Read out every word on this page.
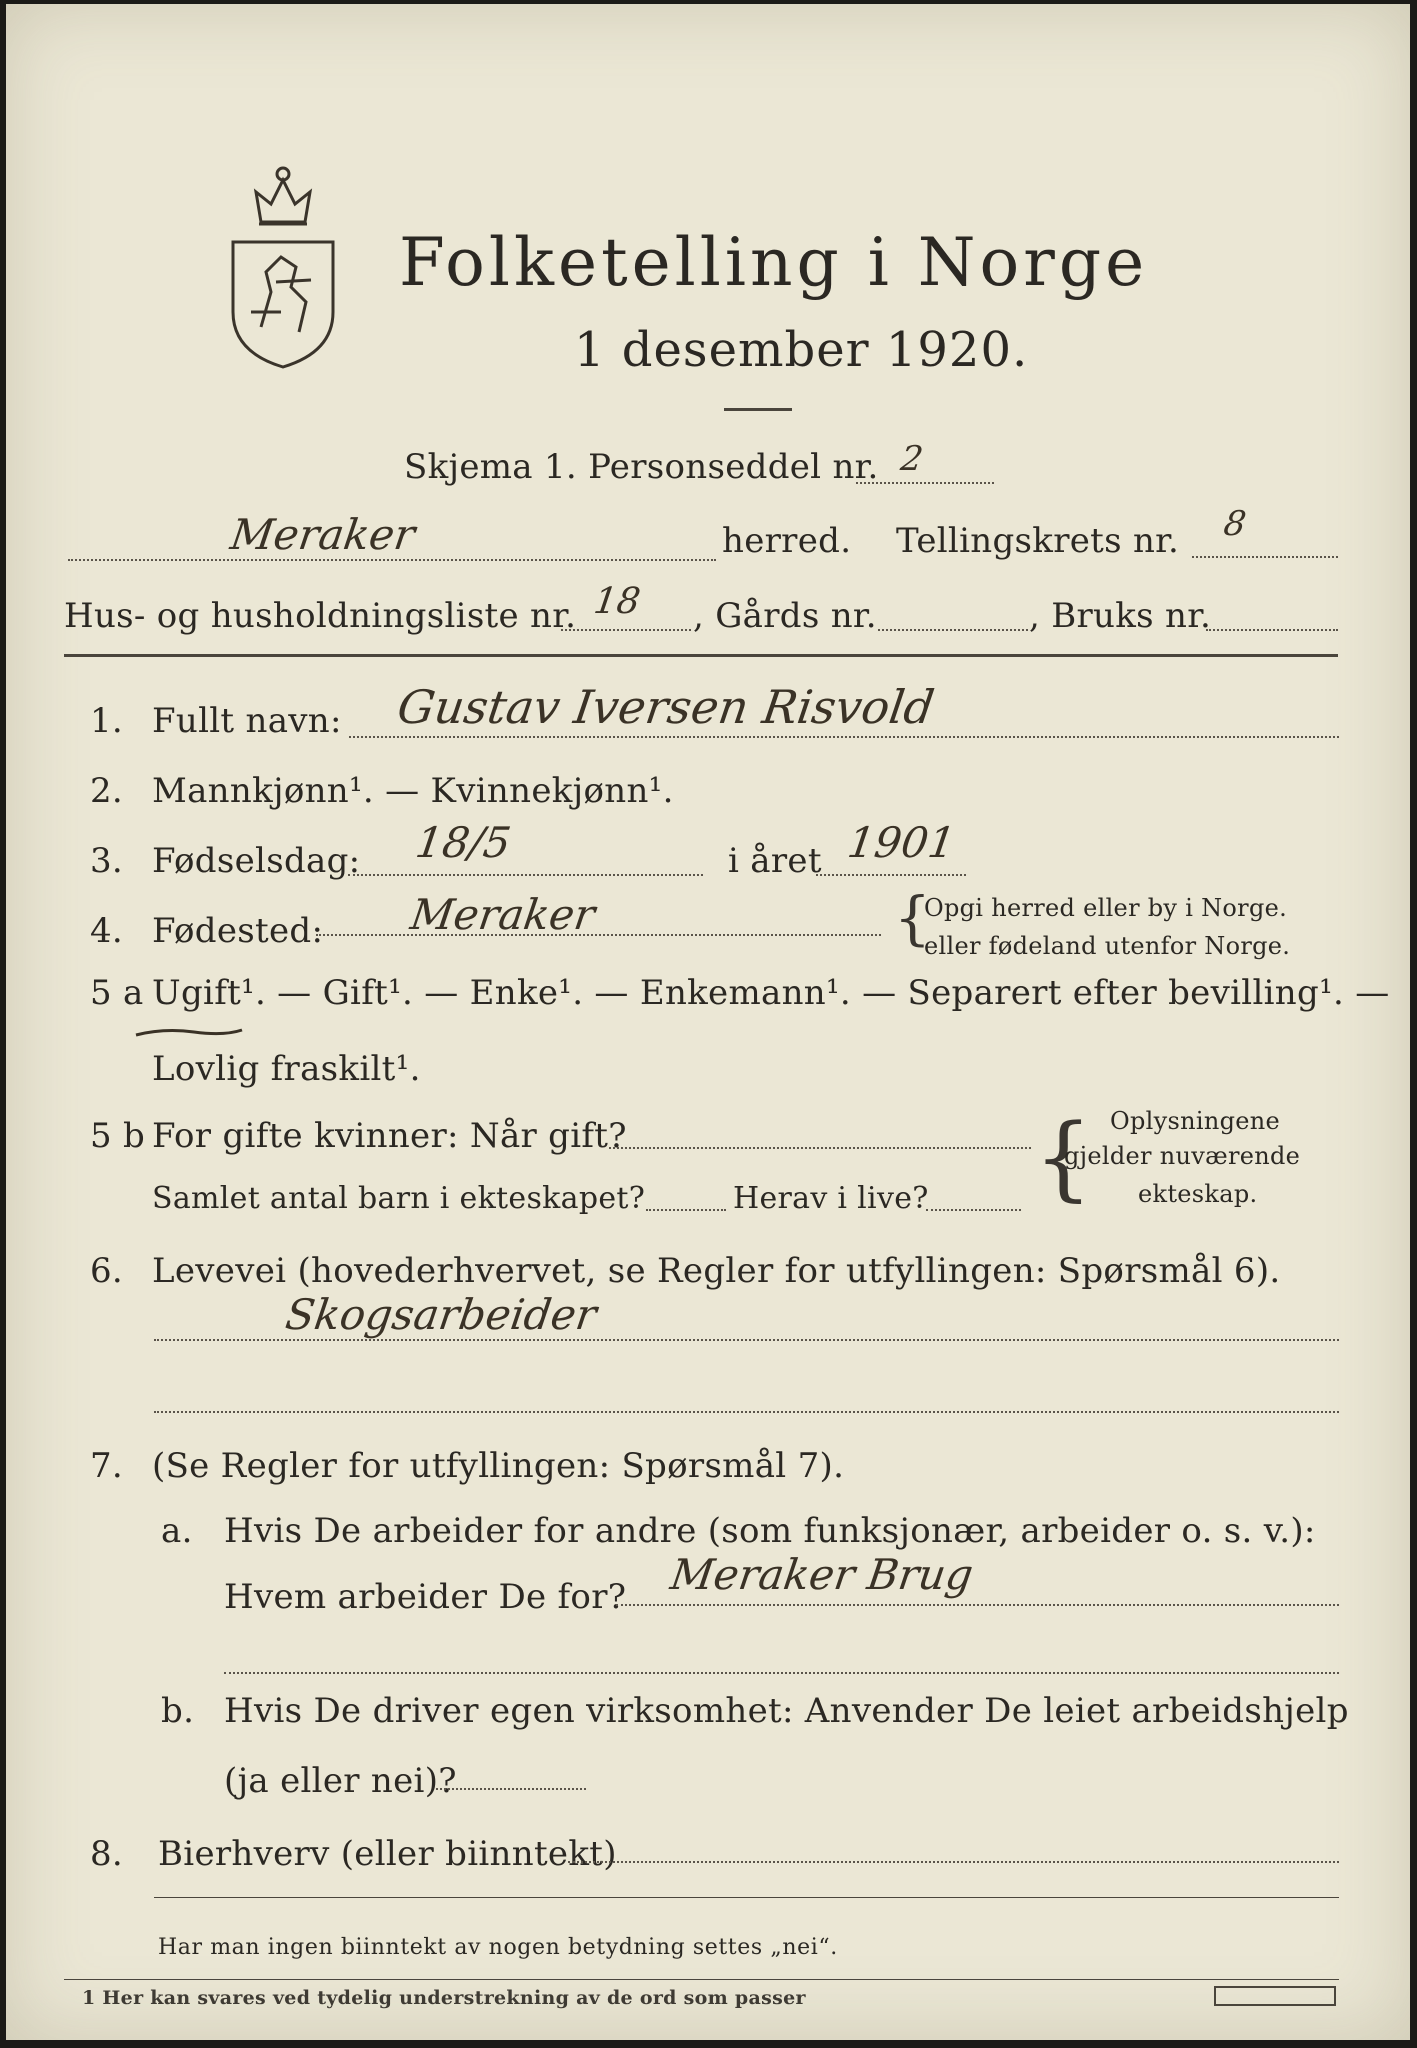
Folketelling i Norge
1 desember 1920.
Skjema 1. Personseddel nr. 2
Meraker	herred. Tellingskrets nr. 8
Hus- og husholdningsliste nr. 18 , Gårds nr.	, Bruks nr.
1. Fullt navn: Gustav Iversen Risvold
2. Mannkjønn¹. — Kvinnekjønn¹.
3. Fødselsdag: 18/5	i året 1901
4. Fødested: Meraker	{
Opgi herred eller by i Norge.
eller fødeland utenfor Norge.
5 a Ugift¹. — Gift¹. — Enke¹. — Enkemann¹. — Separert efter bevilling¹. —
Lovlig fraskilt¹.
5 b For gifte kvinner: Når gift?
Samlet antal barn i ekteskapet?	Herav i live? { Oplysningene
gjelder nuværende
ekteskap.
6. Levevei (hovederhvervet, se Regler for utfyllingen: Spørsmål 6).
Skogsarbeider
7. (Se Regler for utfyllingen: Spørsmål 7).
a. Hvis De arbeider for andre (som funksjonær, arbeider o. s. v.):
Hvem arbeider De for? Meraker Brug
b. Hvis De driver egen virksomhet: Anvender De leiet arbeidshjelp
(ja eller nei)?
8. Bierhverv (eller biinntekt)
Har man ingen biinntekt av nogen betydning settes „nei“.
1 Her kan svares ved tydelig understrekning av de ord som passer
